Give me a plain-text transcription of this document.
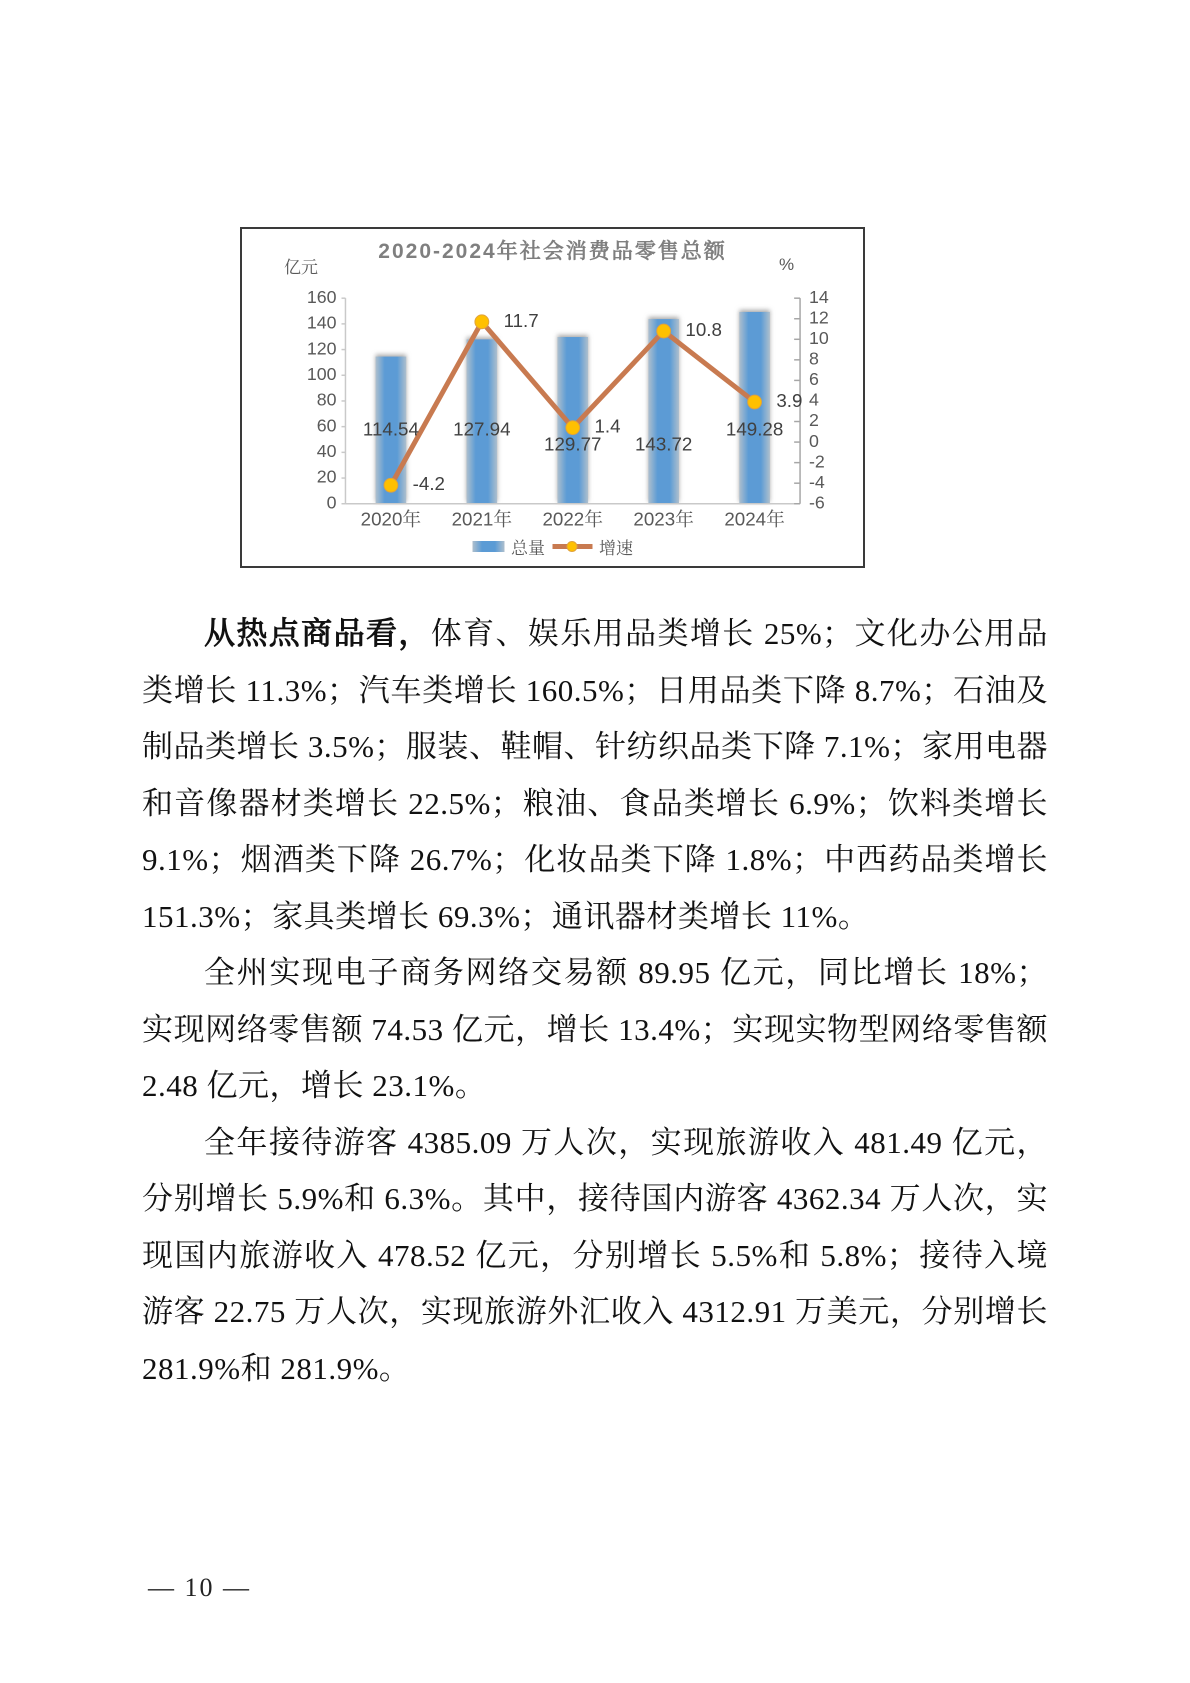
2020-2024年社会消费品零售总额
亿元	%
0
20
40
60
80
100
120
140
160
-6
-4
-2
0
2
4
6
8
10
12
14
2020年 2021年 2022年 2023年 2024年
-4.2
11.7
1.4
10.8
3.9
114.54 127.94
129.77 143.72
149.28
总量	增速

从热点商品看，体育、娱乐用品类增长 25%；文化办公用品类增长 11.3%；汽车类增长 160.5%；日用品类下降 8.7%；石油及制品类增长 3.5%；服装、鞋帽、针纺织品类下降 7.1%；家用电器和音像器材类增长 22.5%；粮油、食品类增长 6.9%；饮料类增长 9.1%；烟酒类下降 26.7%；化妆品类下降 1.8%；中西药品类增长 151.3%；家具类增长 69.3%；通讯器材类增长 11%。

全州实现电子商务网络交易额 89.95 亿元，同比增长 18%；实现网络零售额 74.53 亿元，增长 13.4%；实现实物型网络零售额 2.48 亿元，增长 23.1%。

全年接待游客 4385.09 万人次，实现旅游收入 481.49 亿元，分别增长 5.9%和 6.3%。其中，接待国内游客 4362.34 万人次，实现国内旅游收入 478.52 亿元，分别增长 5.5%和 5.8%；接待入境游客 22.75 万人次，实现旅游外汇收入 4312.91 万美元，分别增长 281.9%和 281.9%。

— 10 —
